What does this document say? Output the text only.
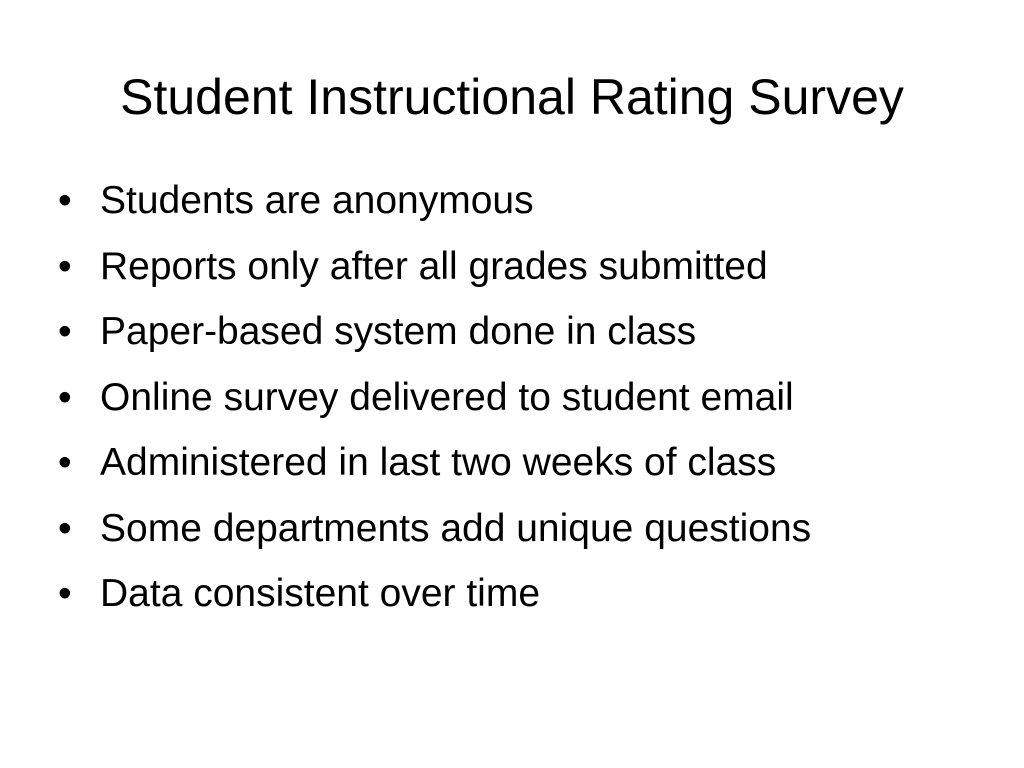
Student Instructional Rating Survey
• Students are anonymous
• Reports only after all grades submitted
• Paper-based system done in class
• Online survey delivered to student email
• Administered in last two weeks of class
• Some departments add unique questions
• Data consistent over time
